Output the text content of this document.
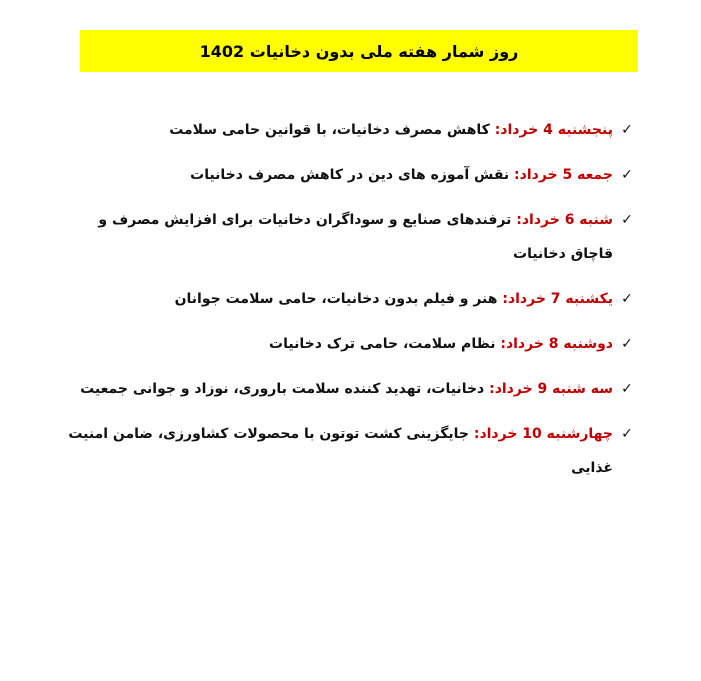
روز شمار هفته ملی بدون دخانیات 1402
✓
پنجشنبه 4 خرداد: کاهش مصرف دخانیات، با قوانین حامی سلامت
✓
جمعه 5 خرداد: نقش آموزه های دین در کاهش مصرف دخانیات
✓
شنبه 6 خرداد: ترفندهای صنایع و سوداگران دخانیات برای افزایش مصرف و قاچاق دخانیات
✓
یکشنبه 7 خرداد: هنر و فیلم بدون دخانیات، حامی سلامت جوانان
✓
دوشنبه 8 خرداد: نظام سلامت، حامی ترک دخانیات
✓
سه شنبه 9 خرداد: دخانیات، تهدید کننده سلامت باروری، نوزاد و جوانی جمعیت
✓
چهارشنبه 10 خرداد: جایگزینی کشت توتون با محصولات کشاورزی، ضامن امنیت غذایی
